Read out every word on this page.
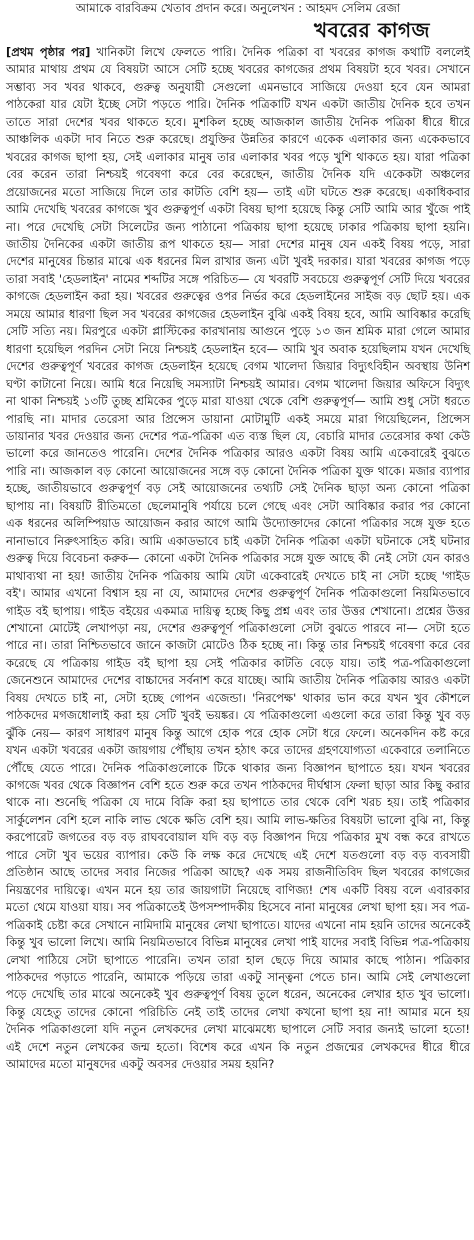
আমাকে বারবিক্রম খেতাব প্রদান করে। অনুলেখন : আহমদ সেলিম রেজা
খবরের কাগজ

[প্রথম পৃষ্ঠার পর] খানিকটা লিখে ফেলতে পারি। দৈনিক পত্রিকা বা খবরের কাগজ কথাটি বললেই আমার মাথায় প্রথম যে বিষয়টা আসে সেটি হচ্ছে খবরের কাগজের প্রথম বিষয়টা হবে খবর। সেখানে সম্ভাব্য সব খবর থাকবে, গুরুত্ব অনুযায়ী সেগুলো এমনভাবে সাজিয়ে দেওয়া হবে যেন আমরা পাঠকেরা যার যেটা ইচ্ছে সেটা পড়তে পারি। দৈনিক পত্রিকাটি যখন একটা জাতীয় দৈনিক হবে তখন তাতে সারা দেশের খবর থাকতে হবে। মুশকিল হচ্ছে আজকাল জাতীয় দৈনিক পত্রিকা ধীরে ধীরে আঞ্চলিক একটা দাব নিতে শুরু করেছে। প্রযুক্তির উন্নতির কারণে একেক এলাকার জন্য একেকভাবে খবরের কাগজ ছাপা হয়, সেই এলাকার মানুষ তার এলাকার খবর পড়ে খুশি থাকতে হয়। যারা পত্রিকা বের করেন তারা নিশ্চয়ই গবেষণা করে বের করেছেন, জাতীয় দৈনিক যদি একেকটা অঞ্চলের প্রয়োজনের মতো সাজিয়ে দিলে তার কাটতি বেশি হয়— তাই এটা ঘটতে শুরু করেছে। একাধিকবার আমি দেখেছি খবরের কাগজে খুব গুরুত্বপূর্ণ একটা বিষয় ছাপা হয়েছে কিন্তু সেটি আমি আর খুঁজে পাই না। পরে দেখেছি সেটা সিলেটের জন্য পাঠানো পত্রিকায় ছাপা হয়েছে ঢাকার পত্রিকায় ছাপা হয়নি। জাতীয় দৈনিকের একটা জাতীয় রূপ থাকতে হয়— সারা দেশের মানুষ যেন একই বিষয় পড়ে, সারা দেশের মানুষের চিন্তার মাঝে এক ধরনের মিল রাখার জন্য এটা খুবই দরকার। যারা খবরের কাগজ পড়ে তারা সবাই 'হেডলাইন' নামের শব্দটির সঙ্গে পরিচিত— যে খবরটি সবচেয়ে গুরুত্বপূর্ণ সেটি দিয়ে খবরের কাগজে হেডলাইন করা হয়। খবরের গুরুত্বের ওপর নির্ভর করে হেডলাইনের সাইজ বড় ছোট হয়। এক সময়ে আমার ধারণা ছিল সব খবরের কাগজের হেডলাইন বুঝি একই বিষয় হবে, আমি আবিষ্কার করেছি সেটি সত্যি নয়। মিরপুরে একটা প্লাস্টিকের কারখানায় আগুনে পুড়ে ১৩ জন শ্রমিক মারা গেলে আমার ধারণা হয়েছিল পরদিন সেটা নিয়ে নিশ্চয়ই হেডলাইন হবে— আমি খুব অবাক হয়েছিলাম যখন দেখেছি দেশের গুরুত্বপূর্ণ খবরের কাগজ হেডলাইন হয়েছে বেগম খালেদা জিয়ার বিদ্যুৎবিহীন অবস্থায় উনিশ ঘণ্টা কাটানো নিয়ে। আমি ধরে নিয়েছি সমস্যাটা নিশ্চয়ই আমার। বেগম খালেদা জিয়ার অফিসে বিদ্যুৎ না থাকা নিশ্চয়ই ১৩টি তুচ্ছ শ্রমিকের পুড়ে মারা যাওয়া থেকে বেশি গুরুত্বপূর্ণ— আমি শুধু সেটা ধরতে পারছি না। মাদার তেরেসা আর প্রিন্সেস ডায়ানা মোটামুটি একই সময়ে মারা গিয়েছিলেন, প্রিন্সেস ডায়ানার খবর দেওয়ার জন্য দেশের পত্র-পত্রিকা এত ব্যস্ত ছিল যে, বেচারি মাদার তেরেসার কথা কেউ ভালো করে জানতেও পারেনি। দেশের দৈনিক পত্রিকার আরও একটা বিষয় আমি একেবারেই বুঝতে পারি না। আজকাল বড় কোনো আয়োজনের সঙ্গে বড় কোনো দৈনিক পত্রিকা যুক্ত থাকে। মজার ব্যাপার হচ্ছে, জাতীয়ভাবে গুরুত্বপূর্ণ বড় সেই আয়োজনের তথ্যটি সেই দৈনিক ছাড়া অন্য কোনো পত্রিকা ছাপায় না। বিষয়টি রীতিমতো ছেলেমানুষি পর্যায়ে চলে গেছে এবং সেটা আবিষ্কার করার পর কোনো এক ধরনের অলিম্পিয়াড আয়োজন করার আগে আমি উদ্যোক্তাদের কোনো পত্রিকার সঙ্গে যুক্ত হতে নানাভাবে নিরুৎসাহিত করি। আমি একাডভাবে চাই একটা দৈনিক পত্রিকা একটা ঘটনাকে সেই ঘটনার গুরুত্ব দিয়ে বিবেচনা করুক— কোনো একটা দৈনিক পত্রিকার সঙ্গে যুক্ত আছে কী নেই সেটা যেন কারও মাথাব্যথা না হয়! জাতীয় দৈনিক পত্রিকায় আমি যেটা একেবারেই দেখতে চাই না সেটা হচ্ছে 'গাইড বই'। আমার এখনো বিশ্বাস হয় না যে, আমাদের দেশের গুরুত্বপূর্ণ দৈনিক পত্রিকাগুলো নিয়মিতভাবে গাইড বই ছাপায়। গাইড বইয়ের একমাত্র দায়িত্ব হচ্ছে কিছু প্রশ্ন এবং তার উত্তর শেখানো। প্রশ্নের উত্তর শেখানো মোটেই লেখাপড়া নয়, দেশের গুরুত্বপূর্ণ পত্রিকাগুলো সেটা বুঝতে পারবে না— সেটা হতে পারে না। তারা নিশ্চিতভাবে জানে কাজটা মোটেও ঠিক হচ্ছে না। কিন্তু তার নিশ্চয়ই গবেষণা করে বের করেছে যে পত্রিকায় গাইড বই ছাপা হয় সেই পত্রিকার কাটতি বেড়ে যায়। তাই পত্র-পত্রিকাগুলো জেনেশুনে আমাদের দেশের বাচ্চাদের সর্বনাশ করে যাচ্ছে। আমি জাতীয় দৈনিক পত্রিকায় আরও একটা বিষয় দেখতে চাই না, সেটা হচ্ছে গোপন এজেন্ডা। 'নিরপেক্ষ' থাকার ভান করে যখন খুব কৌশলে পাঠকদের মগজধোলাই করা হয় সেটি খুবই ভয়ঙ্কর। যে পত্রিকাগুলো এগুলো করে তারা কিন্তু খুব বড় ঝুঁকি নেয়— কারণ সাধারণ মানুষ কিন্তু আগে হোক পরে হোক সেটা ধরে ফেলে। অনেকদিন কষ্ট করে যখন একটা খবরের একটা জায়গায় পৌঁছায় তখন হঠাৎ করে তাদের গ্রহণযোগ্যতা একেবারে তলানিতে পৌঁছে যেতে পারে। দৈনিক পত্রিকাগুলোকে টিকে থাকার জন্য বিজ্ঞাপন ছাপাতে হয়। যখন খবরের কাগজে খবর থেকে বিজ্ঞাপন বেশি হতে শুরু করে তখন পাঠকদের দীর্ঘশ্বাস ফেলা ছাড়া আর কিছু করার থাকে না। শুনেছি পত্রিকা যে দামে বিক্রি করা হয় ছাপাতে তার থেকে বেশি খরচ হয়। তাই পত্রিকার সার্কুলেশন বেশি হলে নাকি লাভ থেকে ক্ষতি বেশি হয়। আমি লাভ-ক্ষতির বিষয়টা ভালো বুঝি না, কিন্তু করপোরেট জগতের বড় বড় রাঘববোয়াল যদি বড় বড় বিজ্ঞাপন দিয়ে পত্রিকার মুখ বন্ধ করে রাখতে পারে সেটা খুব ভয়ের ব্যাপার। কেউ কি লক্ষ করে দেখেছে এই দেশে যতগুলো বড় বড় ব্যবসায়ী প্রতিষ্ঠান আছে তাদের সবার নিজের পত্রিকা আছে? এক সময় রাজনীতিবিদ ছিল খবরের কাগজের নিয়ন্ত্রণের দায়িত্বে। এখন মনে হয় তার জায়গাটা নিয়েছে বাণিজ্য! শেষ একটি বিষয় বলে এবারকার মতো থেমে যাওয়া যায়। সব পত্রিকাতেই উপসম্পাদকীয় হিসেবে নানা মানুষের লেখা ছাপা হয়। সব পত্র-পত্রিকাই চেষ্টা করে সেখানে নামিদামি মানুষের লেখা ছাপাতে। যাদের এখনো নাম হয়নি তাদের অনেকেই কিন্তু খুব ভালো লিখে। আমি নিয়মিতভাবে বিভিন্ন মানুষের লেখা পাই যাদের সবাই বিভিন্ন পত্র-পত্রিকায় লেখা পাঠিয়ে সেটা ছাপাতে পারেনি। তখন তারা হাল ছেড়ে দিয়ে আমার কাছে পাঠান। পত্রিকার পাঠকদের পড়াতে পারেনি, আমাকে পড়িয়ে তারা একটু সান্ত্বনা পেতে চান। আমি সেই লেখাগুলো পড়ে দেখেছি তার মাঝে অনেকেই খুব গুরুত্বপূর্ণ বিষয় তুলে ধরেন, অনেকের লেখার হাত খুব ভালো। কিন্তু যেহেতু তাদের কোনো পরিচিতি নেই তাই তাদের লেখা কখনো ছাপা হয় না! আমার মনে হয় দৈনিক পত্রিকাগুলো যদি নতুন লেখকদের লেখা মাঝেমধ্যে ছাপালে সেটি সবার জন্যই ভালো হতো! এই দেশে নতুন লেখকের জন্ম হতো। বিশেষ করে এখন কি নতুন প্রজন্মের লেখকদের ধীরে ধীরে আমাদের মতো মানুষদের একটু অবসর দেওয়ার সময় হয়নি?
